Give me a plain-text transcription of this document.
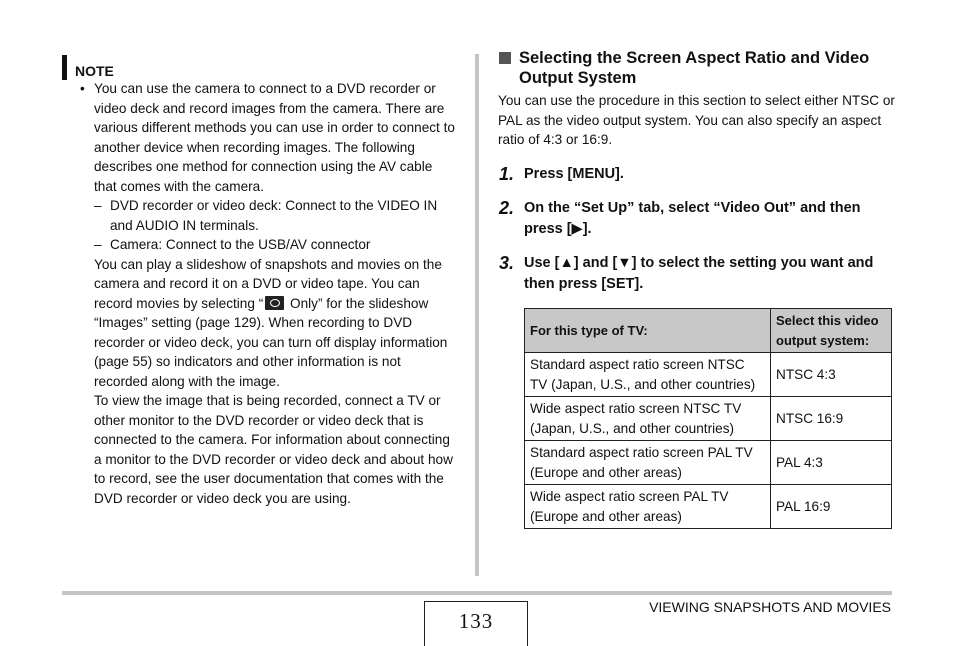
NOTE
• You can use the camera to connect to a DVD recorder or video deck and record images from the camera. There are various different methods you can use in order to connect to another device when recording images. The following describes one method for connection using the AV cable that comes with the camera.
– DVD recorder or video deck: Connect to the VIDEO IN and AUDIO IN terminals.
– Camera: Connect to the USB/AV connector
You can play a slideshow of snapshots and movies on the camera and record it on a DVD or video tape. You can record movies by selecting “ Only” for the slideshow “Images” setting (page 129). When recording to DVD recorder or video deck, you can turn off display information (page 55) so indicators and other information is not recorded along with the image.
To view the image that is being recorded, connect a TV or other monitor to the DVD recorder or video deck that is connected to the camera. For information about connecting a monitor to the DVD recorder or video deck and about how to record, see the user documentation that comes with the DVD recorder or video deck you are using.
Selecting the Screen Aspect Ratio and Video Output System
You can use the procedure in this section to select either NTSC or PAL as the video output system. You can also specify an aspect ratio of 4:3 or 16:9.
1. Press [MENU].
2. On the “Set Up” tab, select “Video Out” and then press [▶].
3. Use [▲] and [▼] to select the setting you want and then press [SET].
For this type of TV:	Select this video output system:
Standard aspect ratio screen NTSC TV (Japan, U.S., and other countries)	NTSC 4:3
Wide aspect ratio screen NTSC TV (Japan, U.S., and other countries)	NTSC 16:9
Standard aspect ratio screen PAL TV (Europe and other areas)	PAL 4:3
Wide aspect ratio screen PAL TV (Europe and other areas)	PAL 16:9
133
VIEWING SNAPSHOTS AND MOVIES
